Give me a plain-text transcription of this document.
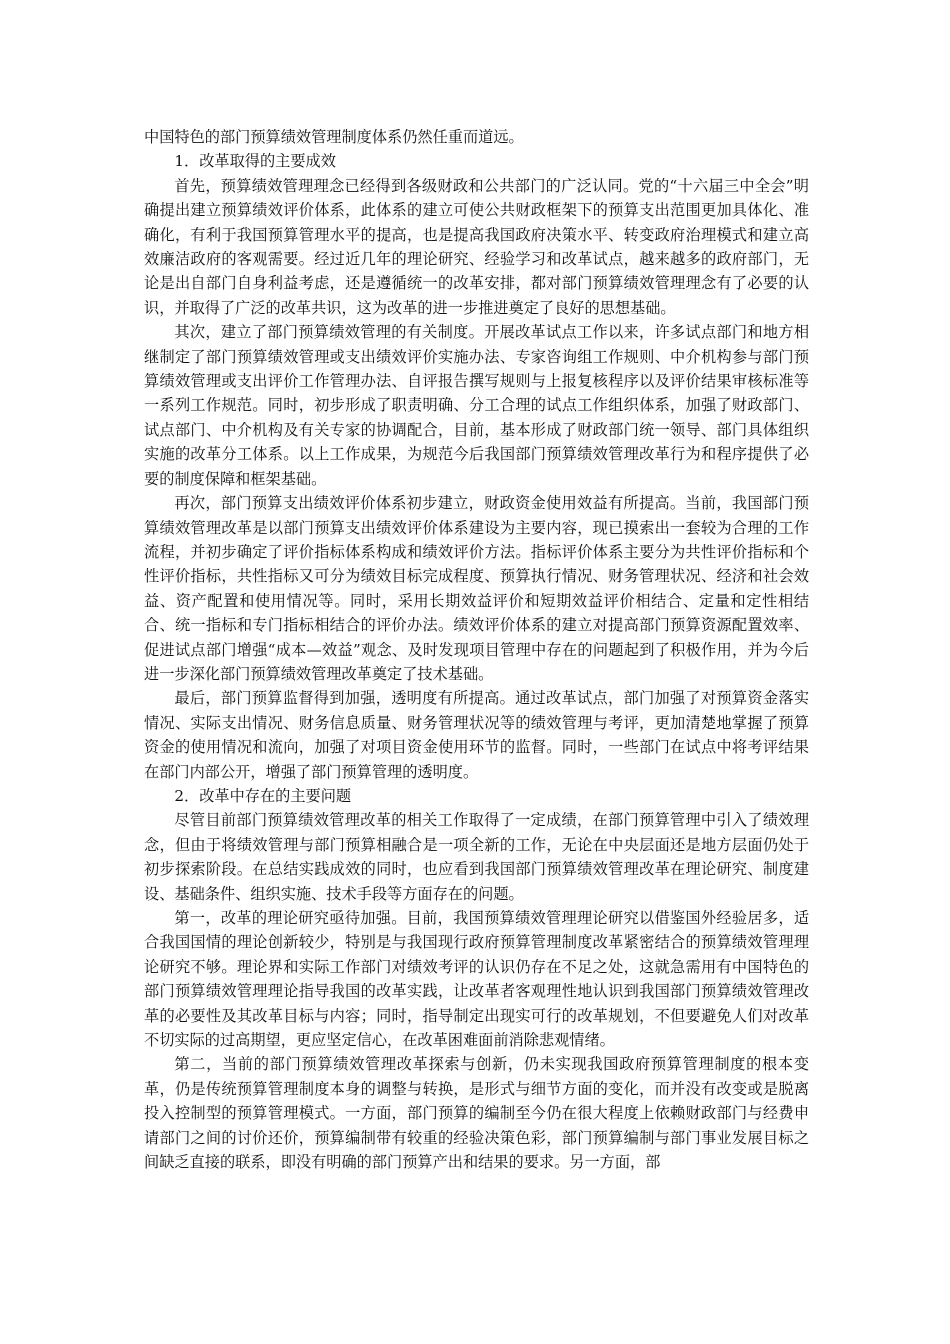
中国特色的部门预算绩效管理制度体系仍然任重而道远。

1．改革取得的主要成效

首先，预算绩效管理理念已经得到各级财政和公共部门的广泛认同。党的“十六届三中全会”明确提出建立预算绩效评价体系，此体系的建立可使公共财政框架下的预算支出范围更加具体化、准确化，有利于我国预算管理水平的提高，也是提高我国政府决策水平、转变政府治理模式和建立高效廉洁政府的客观需要。经过近几年的理论研究、经验学习和改革试点，越来越多的政府部门，无论是出自部门自身利益考虑，还是遵循统一的改革安排，都对部门预算绩效管理理念有了必要的认识，并取得了广泛的改革共识，这为改革的进一步推进奠定了良好的思想基础。

其次，建立了部门预算绩效管理的有关制度。开展改革试点工作以来，许多试点部门和地方相继制定了部门预算绩效管理或支出绩效评价实施办法、专家咨询组工作规则、中介机构参与部门预算绩效管理或支出评价工作管理办法、自评报告撰写规则与上报复核程序以及评价结果审核标准等一系列工作规范。同时，初步形成了职责明确、分工合理的试点工作组织体系，加强了财政部门、试点部门、中介机构及有关专家的协调配合，目前，基本形成了财政部门统一领导、部门具体组织实施的改革分工体系。以上工作成果，为规范今后我国部门预算绩效管理改革行为和程序提供了必要的制度保障和框架基础。

再次，部门预算支出绩效评价体系初步建立，财政资金使用效益有所提高。当前，我国部门预算绩效管理改革是以部门预算支出绩效评价体系建设为主要内容，现已摸索出一套较为合理的工作流程，并初步确定了评价指标体系构成和绩效评价方法。指标评价体系主要分为共性评价指标和个性评价指标，共性指标又可分为绩效目标完成程度、预算执行情况、财务管理状况、经济和社会效益、资产配置和使用情况等。同时，采用长期效益评价和短期效益评价相结合、定量和定性相结合、统一指标和专门指标相结合的评价办法。绩效评价体系的建立对提高部门预算资源配置效率、促进试点部门增强“成本—效益”观念、及时发现项目管理中存在的问题起到了积极作用，并为今后进一步深化部门预算绩效管理改革奠定了技术基础。

最后，部门预算监督得到加强，透明度有所提高。通过改革试点，部门加强了对预算资金落实情况、实际支出情况、财务信息质量、财务管理状况等的绩效管理与考评，更加清楚地掌握了预算资金的使用情况和流向，加强了对项目资金使用环节的监督。同时，一些部门在试点中将考评结果在部门内部公开，增强了部门预算管理的透明度。

2．改革中存在的主要问题

尽管目前部门预算绩效管理改革的相关工作取得了一定成绩，在部门预算管理中引入了绩效理念，但由于将绩效管理与部门预算相融合是一项全新的工作，无论在中央层面还是地方层面仍处于初步探索阶段。在总结实践成效的同时，也应看到我国部门预算绩效管理改革在理论研究、制度建设、基础条件、组织实施、技术手段等方面存在的问题。

第一，改革的理论研究亟待加强。目前，我国预算绩效管理理论研究以借鉴国外经验居多，适合我国国情的理论创新较少，特别是与我国现行政府预算管理制度改革紧密结合的预算绩效管理理论研究不够。理论界和实际工作部门对绩效考评的认识仍存在不足之处，这就急需用有中国特色的部门预算绩效管理理论指导我国的改革实践，让改革者客观理性地认识到我国部门预算绩效管理改革的必要性及其改革目标与内容；同时，指导制定出现实可行的改革规划，不但要避免人们对改革不切实际的过高期望，更应坚定信心，在改革困难面前消除悲观情绪。

第二，当前的部门预算绩效管理改革探索与创新，仍未实现我国政府预算管理制度的根本变革，仍是传统预算管理制度本身的调整与转换，是形式与细节方面的变化，而并没有改变或是脱离投入控制型的预算管理模式。一方面，部门预算的编制至今仍在很大程度上依赖财政部门与经费申请部门之间的讨价还价，预算编制带有较重的经验决策色彩，部门预算编制与部门事业发展目标之间缺乏直接的联系，即没有明确的部门预算产出和结果的要求。另一方面，部
